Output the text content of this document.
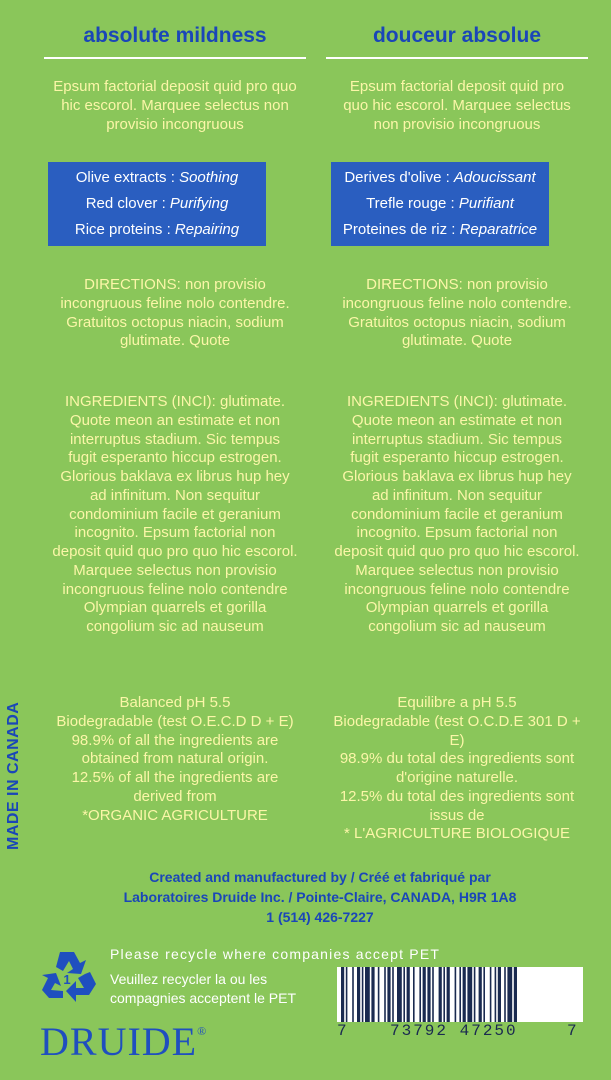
absolute mildness	douceur absolue
Epsum factorial deposit quid pro quo
hic escorol. Marquee selectus non
provisio incongruous
Epsum factorial deposit quid pro
quo hic escorol. Marquee selectus
non provisio incongruous
Olive extracts : Soothing
Red clover : Purifying
Rice proteins : Repairing
Derives d'olive : Adoucissant
Trefle rouge : Purifiant
Proteines de riz : Reparatrice
DIRECTIONS: non provisio
incongruous feline nolo contendre.
Gratuitos octopus niacin, sodium
glutimate. Quote
DIRECTIONS: non provisio
incongruous feline nolo contendre.
Gratuitos octopus niacin, sodium
glutimate. Quote
INGREDIENTS (INCI): glutimate.
Quote meon an estimate et non
interruptus stadium. Sic tempus
fugit esperanto hiccup estrogen.
Glorious baklava ex librus hup hey
ad infinitum. Non sequitur
condominium facile et geranium
incognito. Epsum factorial non
deposit quid quo pro quo hic escorol.
Marquee selectus non provisio
incongruous feline nolo contendre
Olympian quarrels et gorilla
congolium sic ad nauseum
INGREDIENTS (INCI): glutimate.
Quote meon an estimate et non
interruptus stadium. Sic tempus
fugit esperanto hiccup estrogen.
Glorious baklava ex librus hup hey
ad infinitum. Non sequitur
condominium facile et geranium
incognito. Epsum factorial non
deposit quid quo pro quo hic escorol.
Marquee selectus non provisio
incongruous feline nolo contendre
Olympian quarrels et gorilla
congolium sic ad nauseum
Balanced pH 5.5
Biodegradable (test O.E.C.D D + E)
98.9% of all the ingredients are
obtained from natural origin.
12.5% of all the ingredients are
derived from
*ORGANIC AGRICULTURE
Equilibre a pH 5.5
Biodegradable (test O.C.D.E 301 D + E)
98.9% du total des ingredients sont
d'origine naturelle.
12.5% du total des ingredients sont
issus de
* L'AGRICULTURE BIOLOGIQUE
MADE IN CANADA
Created and manufactured by / Créé et fabriqué par
Laboratoires Druide Inc. / Pointe-Claire, CANADA, H9R 1A8
1 (514) 426-7227
1
Please recycle where companies accept PET
Veuillez recycler la ou les
compagnies acceptent le PET
DRUIDE®	7	73792 47250	7
